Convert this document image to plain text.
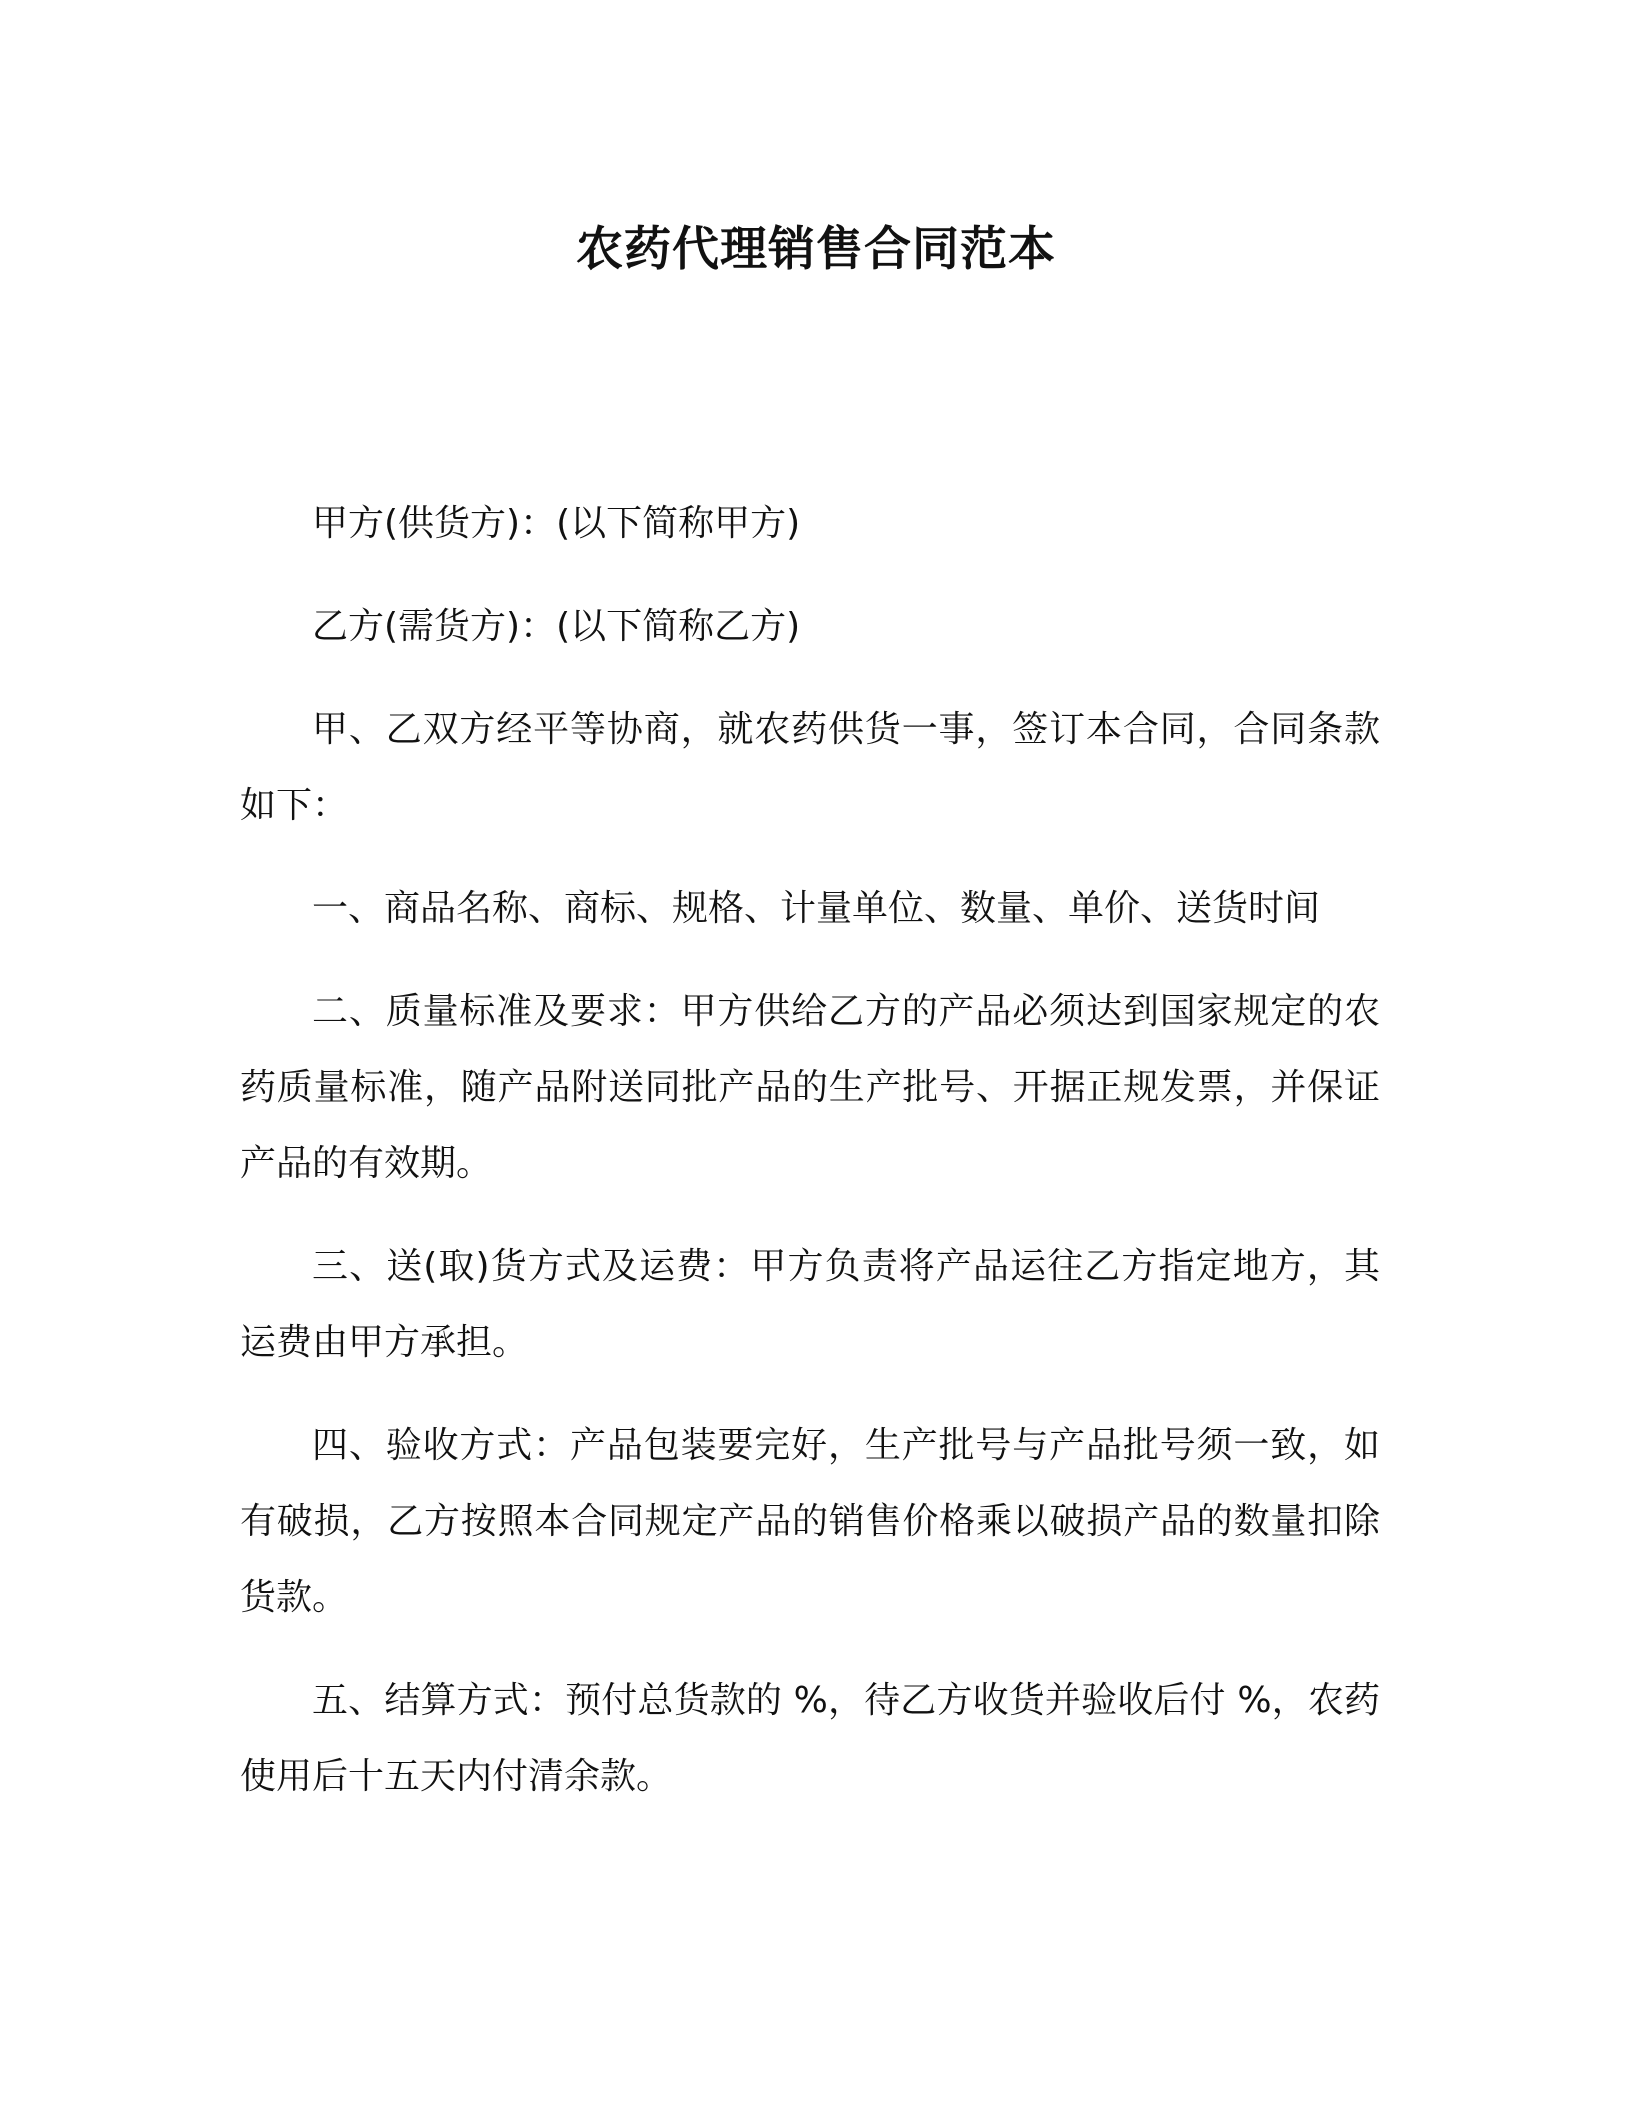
农药代理销售合同范本

甲方(供货方)：(以下简称甲方)

乙方(需货方)：(以下简称乙方)

甲、乙双方经平等协商，就农药供货一事，签订本合同，合同条款如下：

一、商品名称、商标、规格、计量单位、数量、单价、送货时间

二、质量标准及要求：甲方供给乙方的产品必须达到国家规定的农药质量标准，随产品附送同批产品的生产批号、开据正规发票，并保证产品的有效期。

三、送(取)货方式及运费：甲方负责将产品运往乙方指定地方，其运费由甲方承担。

四、验收方式：产品包装要完好，生产批号与产品批号须一致，如有破损，乙方按照本合同规定产品的销售价格乘以破损产品的数量扣除货款。

五、结算方式：预付总货款的 %，待乙方收货并验收后付 %，农药使用后十五天内付清余款。
